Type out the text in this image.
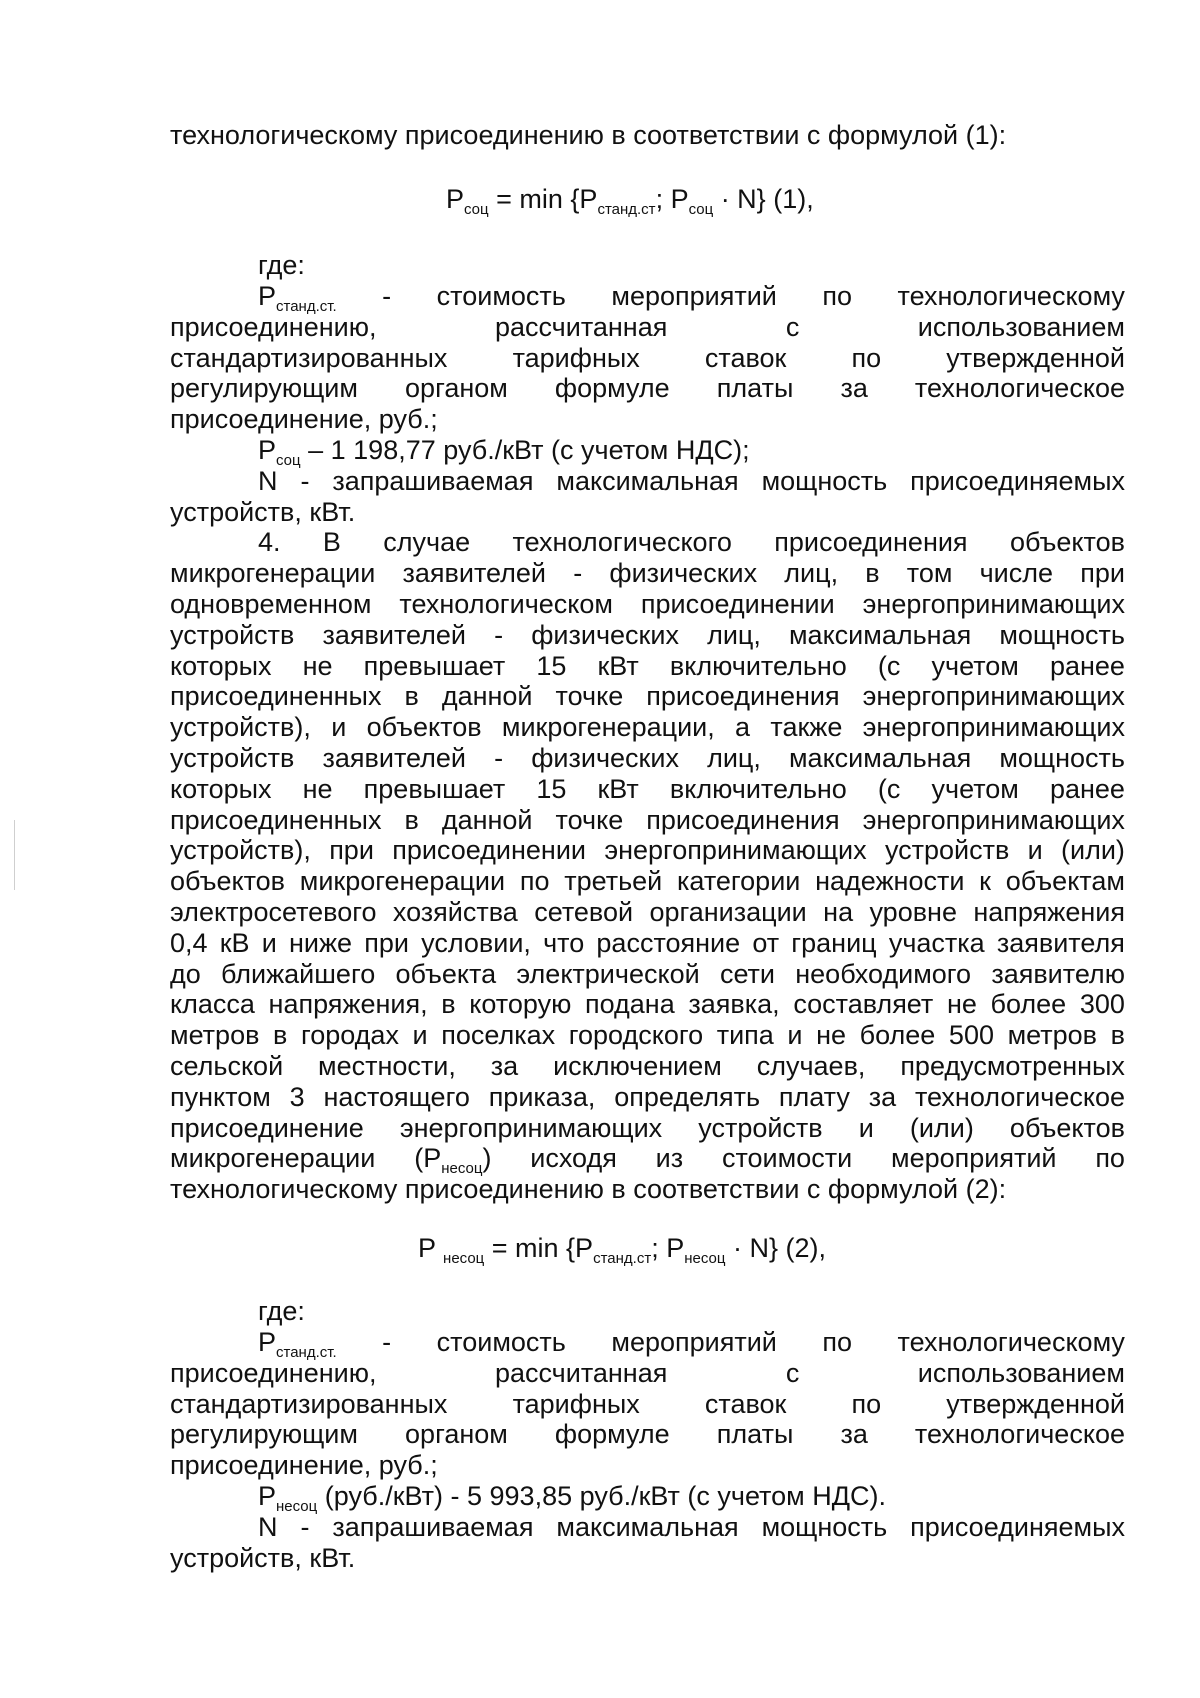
технологическому присоединению в соответствии с формулой (1):

$P_{соц} = \min \{P_{станд.ст}$; $P_{соц} \cdot N$} (1),
где:
$P_{станд.ст.}$ - стоимость мероприятий по технологическому
присоединению,	рассчитанная	с	использованием
стандартизированных тарифных ставок по утвержденной
регулирующим органом формуле платы за технологическое

присоединение, руб.;

$P_{соц} - 1$ 198,77 руб./кВт (с учетом НДС);

N - запрашиваемая максимальная мощность присоединяемых

устройств, кВт.

4. В случае технологического присоединения объектов
микрогенерации заявителей - физических лиц, в том числе при
одновременном технологическом присоединении энергопринимающих
устройств заявителей - физических лиц, максимальная мощность
которых не превышает 15 кВт включительно (с учетом ранее
присоединенных в данной точке присоединения энергопринимающих
устройств), и объектов микрогенерации, а также энергопринимающих
устройств заявителей - физических лиц, максимальная мощность
которых не превышает 15 кВт включительно (с учетом ранее
присоединенных в данной точке присоединения энергопринимающих
устройств), при присоединении энергопринимающих устройств и (или)
объектов микрогенерации по третьей категории надежности к объектам
электросетевого хозяйства сетевой организации на уровне напряжения
0,4 кВ и ниже при условии, что расстояние от границ участка заявителя
до ближайшего объекта электрической сети необходимого заявителю
класса напряжения, в которую подана заявка, составляет не более 300
метров в городах и поселках городского типа и не более 500 метров в
сельской местности, за исключением случаев, предусмотренных
пунктом 3 настоящего приказа, определять плату за технологическое
присоединение энергопринимающих устройств и (или) объектов
микрогенерации $(P_{несоц})$ исходя из стоимости мероприятий по

технологическому присоединению в соответствии с формулой (2):

P $_{несоц} = \min \{P_{станд.ст}$; $P_{несоц} \cdot N$} (2),
где:
$P_{станд.ст.}$ - стоимость мероприятий по технологическому
присоединению,	рассчитанная	с	использованием
стандартизированных тарифных ставок по утвержденной
регулирующим органом формуле платы за технологическое

присоединение, руб.;

$P_{несоц}$ (руб./кВт) - 5 993,85 руб./кВт (с учетом НДС).

N - запрашиваемая максимальная мощность присоединяемых

устройств, кВт.
